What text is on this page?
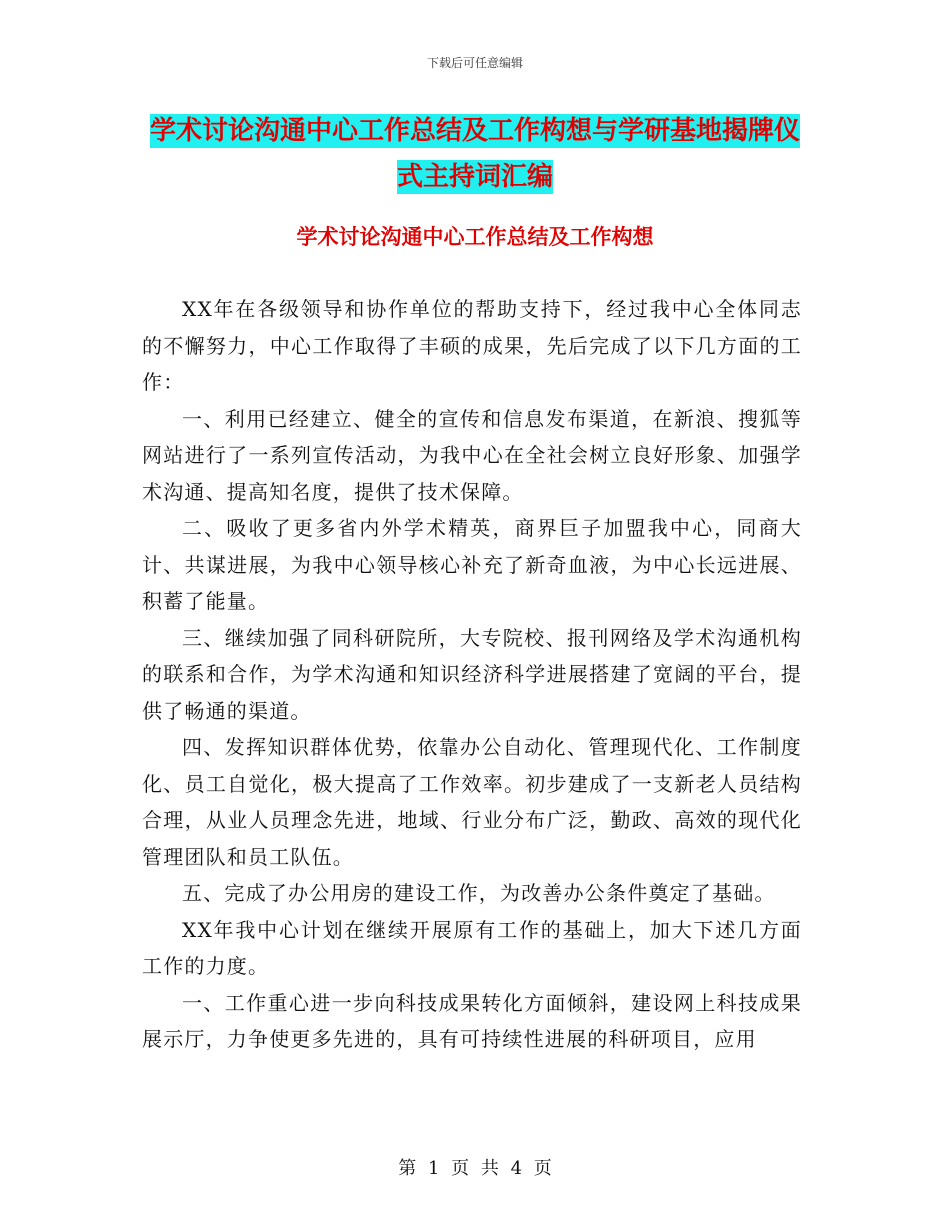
下载后可任意编辑
学术讨论沟通中心工作总结及工作构想与学研基地揭牌仪式主持词汇编
学术讨论沟通中心工作总结及工作构想

XX年在各级领导和协作单位的帮助支持下，经过我中心全体同志的不懈努力，中心工作取得了丰硕的成果，先后完成了以下几方面的工作：

一、利用已经建立、健全的宣传和信息发布渠道，在新浪、搜狐等网站进行了一系列宣传活动，为我中心在全社会树立良好形象、加强学术沟通、提高知名度，提供了技术保障。

二、吸收了更多省内外学术精英，商界巨子加盟我中心，同商大计、共谋进展，为我中心领导核心补充了新奇血液，为中心长远进展、积蓄了能量。

三、继续加强了同科研院所，大专院校、报刊网络及学术沟通机构的联系和合作，为学术沟通和知识经济科学进展搭建了宽阔的平台，提供了畅通的渠道。

四、发挥知识群体优势，依靠办公自动化、管理现代化、工作制度化、员工自觉化，极大提高了工作效率。初步建成了一支新老人员结构合理，从业人员理念先进，地域、行业分布广泛，勤政、高效的现代化管理团队和员工队伍。

五、完成了办公用房的建设工作，为改善办公条件奠定了基础。

XX年我中心计划在继续开展原有工作的基础上，加大下述几方面工作的力度。

一、工作重心进一步向科技成果转化方面倾斜，建设网上科技成果展示厅，力争使更多先进的，具有可持续性进展的科研项目，应用

第 1 页 共 4 页
